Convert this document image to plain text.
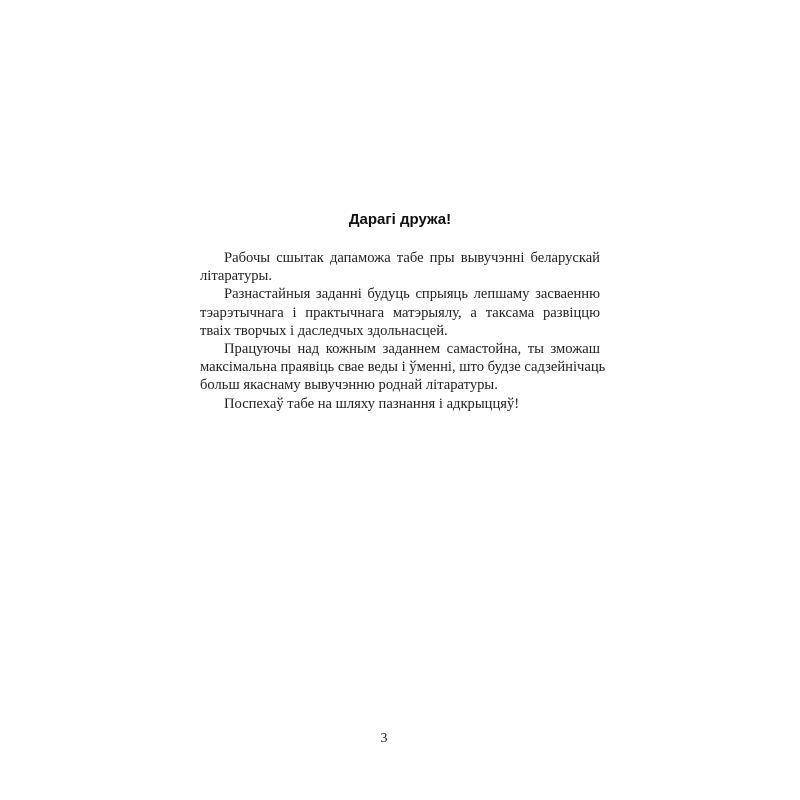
Дарагі дружа!
Рабочы сшытак дапаможа табе пры вывучэнні беларускай
літаратуры.
Разнастайныя заданні будуць спрыяць лепшаму засваенню
тэарэтычнага і практычнага матэрыялу, а таксама развіццю
тваіх творчых і даследчых здольнасцей.
Працуючы над кожным заданнем самастойна, ты зможаш
максімальна праявіць свае веды і ўменні, што будзе садзейнічаць
больш якаснаму вывучэнню роднай літаратуры.
Поспехаў табе на шляху пазнання і адкрыццяў!
3
